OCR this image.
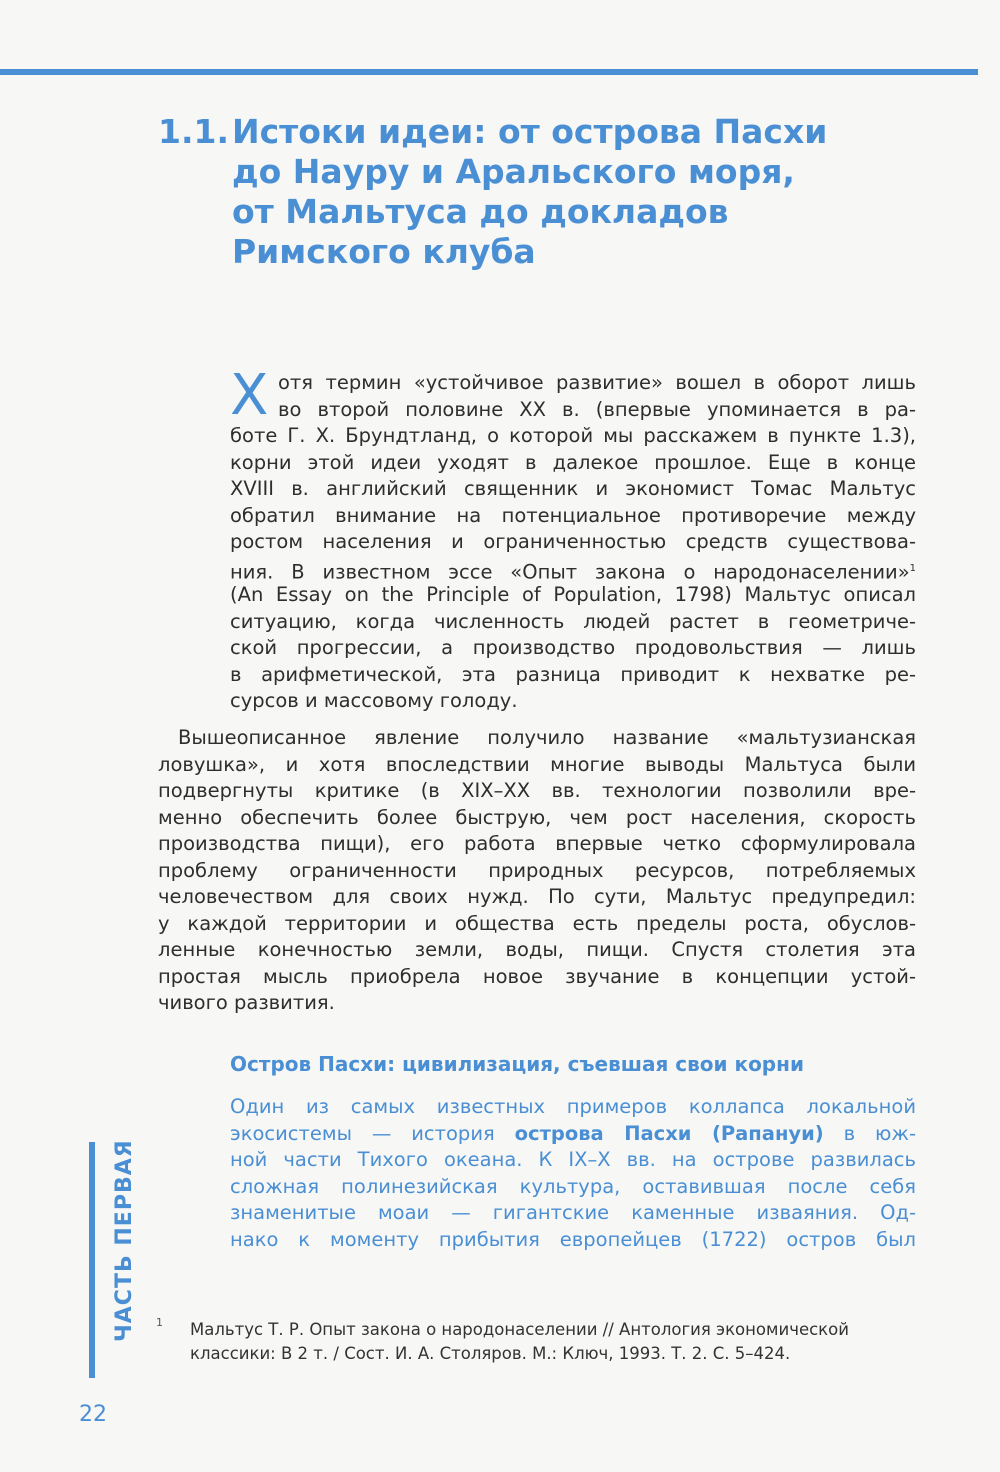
1.1. Истоки идеи: от острова Пасхи
до Науру и Аральского моря,
от Мальтуса до докладов
Римского клуба
Х отя термин «устойчивое развитие» вошел в оборот лишь
во второй половине XX в. (впервые упоминается в ра-
боте Г. Х. Брундтланд, о которой мы расскажем в пункте 1.3),
корни этой идеи уходят в далекое прошлое. Еще в конце
XVIII в. английский священник и экономист Томас Мальтус
обратил внимание на потенциальное противоречие между
ростом населения и ограниченностью средств существова-
ния. В известном эссе «Опыт закона о народонаселении»$^1$
(An Essay on the Principle of Population, 1798) Мальтус описал
ситуацию, когда численность людей растет в геометриче-
ской прогрессии, а производство продовольствия — лишь
в арифметической, эта разница приводит к нехватке ре-
сурсов и массовому голоду.
Вышеописанное явление получило название «мальтузианская
ловушка», и хотя впоследствии многие выводы Мальтуса были
подвергнуты критике (в XIX–XX вв. технологии позволили вре-
менно обеспечить более быструю, чем рост населения, скорость
производства пищи), его работа впервые четко сформулировала
проблему ограниченности природных ресурсов, потребляемых
человечеством для своих нужд. По сути, Мальтус предупредил:
у каждой территории и общества есть пределы роста, обуслов-
ленные конечностью земли, воды, пищи. Спустя столетия эта
простая мысль приобрела новое звучание в концепции устой-
чивого развития.
Остров Пасхи: цивилизация, съевшая свои корни
Один из самых известных примеров коллапса локальной
экосистемы — история острова Пасхи (Рапануи) в юж-
ной части Тихого океана. К IX–X вв. на острове развилась
сложная полинезийская культура, оставившая после себя
знаменитые моаи — гигантские каменные изваяния. Од-
нако к моменту прибытия европейцев (1722) остров был
ЧАСТЬ ПЕРВАЯ	1 Мальтус Т. Р. Опыт закона о народонаселении // Антология экономической
классики: В 2 т. / Сост. И. А. Столяров. М.: Ключ, 1993. Т. 2. С. 5–424.
22
